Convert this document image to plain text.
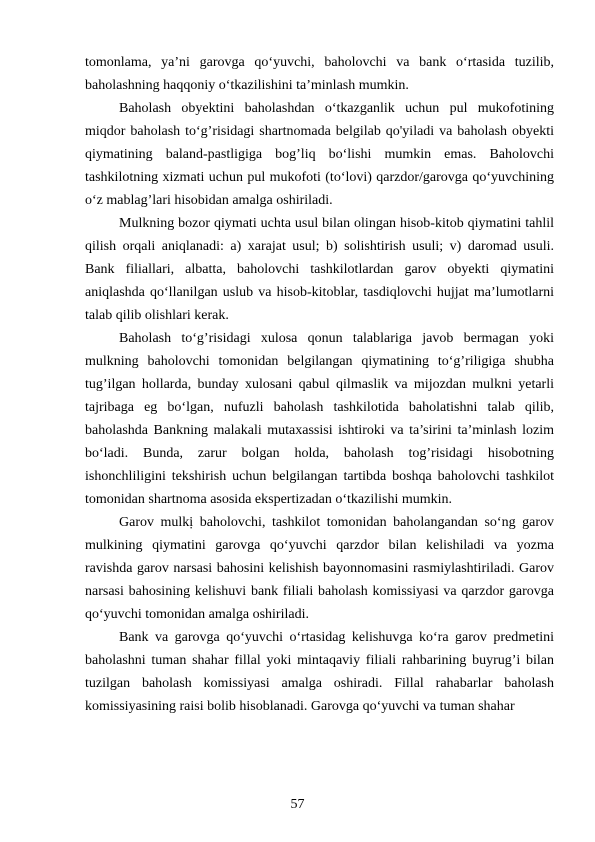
tomonlama, ya’ni garovga qo‘yuvchi, baholovchi va bank o‘rtasida tuzilib, baholashning haqqoniy o‘tkazilishini ta’minlash mumkin.

Baholash obyektini baholashdan o‘tkazganlik uchun pul mukofotining miqdor baholash to‘g’risidagi shartnomada belgilab qo'yiladi va baholash obyekti qiymatining baland-pastligiga bog’liq bo‘lishi mumkin emas. Baholovchi tashkilotning xizmati uchun pul mukofoti (to‘lovi) qarzdor/garovga qo‘yuvchining o‘z mablag’lari hisobidan amalga oshiriladi.

Mulkning bozor qiymati uchta usul bilan olingan hisob-kitob qiymatini tahlil qilish orqali aniqlanadi: a) xarajat usul; b) solishtirish usuli; v) daromad usuli. Bank filiallari, albatta, baholovchi tashkilotlardan garov obyekti qiymatini aniqlashda qo‘llanilgan uslub va hisob-kitoblar, tasdiqlovchi hujjat ma’lumotlarni talab qilib olishlari kerak.

Baholash to‘g’risidagi xulosa qonun talablariga javob bermagan yoki mulkning baholovchi tomonidan belgilangan qiymatining to‘g’riligiga shubha tug’ilgan hollarda, bunday xulosani qabul qilmaslik va mijozdan mulkni yetarli tajribaga eg bo‘lgan, nufuzli baholash tashkilotida baholatishni talab qilib, baholashda Bankning malakali mutaxassisi ishtiroki va ta’sirini ta’minlash lozim bo‘ladi. Bunda, zarur bolgan holda, baholash tog’risidagi hisobotning ishonchliligini tekshirish uchun belgilangan tartibda boshqa baholovchi tashkilot tomonidan shartnoma asosida ekspertizadan o‘tkazilishi mumkin.

Garov mulkị baholovchi, tashkilot tomonidan baholangandan so‘ng garov mulkining qiymatini garovga qo‘yuvchi qarzdor bilan kelishiladi va yozma ravishda garov narsasi bahosini kelishish bayonnomasini rasmiylashtiriladi. Garov narsasi bahosining kelishuvi bank filiali baholash komissiyasi va qarzdor garovga qo‘yuvchi tomonidan amalga oshiriladi.

Bank va garovga qo‘yuvchi o‘rtasidag kelishuvga ko‘ra garov predmetini baholashni tuman shahar fillal yoki mintaqaviy filiali rahbarining buyrug’i bilan tuzilgan baholash komissiyasi amalga oshiradi. Fillal rahabarlar baholash komissiyasining raisi bolib hisoblanadi. Garovga qo‘yuvchi va tuman shahar

57
